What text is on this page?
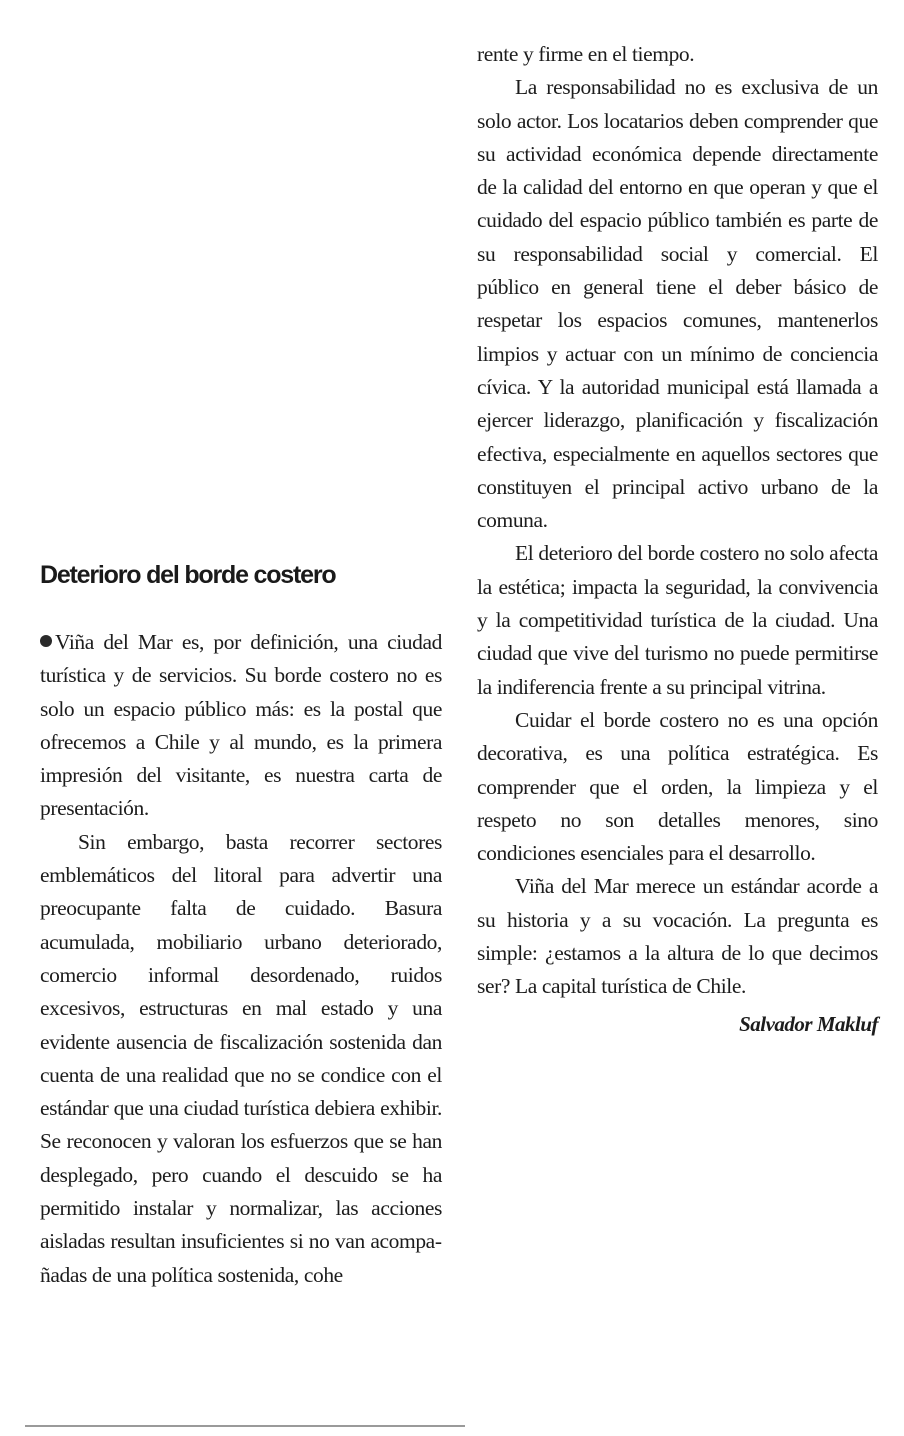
Deterioro del borde costero

Viña del Mar es, por definición, una ciudad turística y de servicios. Su borde costero no es solo un espacio público más: es la postal que ofrecemos a Chile y al mundo, es la primera impresión del visitante, es nuestra carta de presentación.

Sin embargo, basta recorrer sectores emblemáticos del litoral para advertir una preocupante falta de cuidado. Basura acumulada, mobiliario urbano deteriorado, comercio informal desordenado, ruidos excesivos, estructuras en mal estado y una evidente ausencia de fiscalización sostenida dan cuenta de una realidad que no se condice con el estándar que una ciudad turística debiera exhibir. Se reconocen y valoran los esfuerzos que se han desplegado, pero cuando el descuido se ha permitido instalar y normalizar, las acciones aisladas resultan insuficientes si no van acompañadas de una política sostenida, cohe

rente y firme en el tiempo.

La responsabilidad no es exclusiva de un solo actor. Los locatarios deben comprender que su actividad económica depende directamente de la calidad del entorno en que operan y que el cuidado del espacio público también es parte de su responsabilidad social y comercial. El público en general tiene el deber básico de respetar los espacios comunes, mantenerlos limpios y actuar con un mínimo de conciencia cívica. Y la autoridad municipal está llamada a ejercer liderazgo, planificación y fiscalización efectiva, especialmente en aquellos sectores que constituyen el principal activo urbano de la comuna.

El deterioro del borde costero no solo afecta la estética; impacta la seguridad, la convivencia y la competitividad turística de la ciudad. Una ciudad que vive del turismo no puede permitirse la indiferencia frente a su principal vitrina.

Cuidar el borde costero no es una opción decorativa, es una política estratégica. Es comprender que el orden, la limpieza y el respeto no son detalles menores, sino condiciones esenciales para el desarrollo.

Viña del Mar merece un estándar acorde a su historia y a su vocación. La pregunta es simple: ¿estamos a la altura de lo que decimos ser? La capital turística de Chile.

Salvador Makluf
